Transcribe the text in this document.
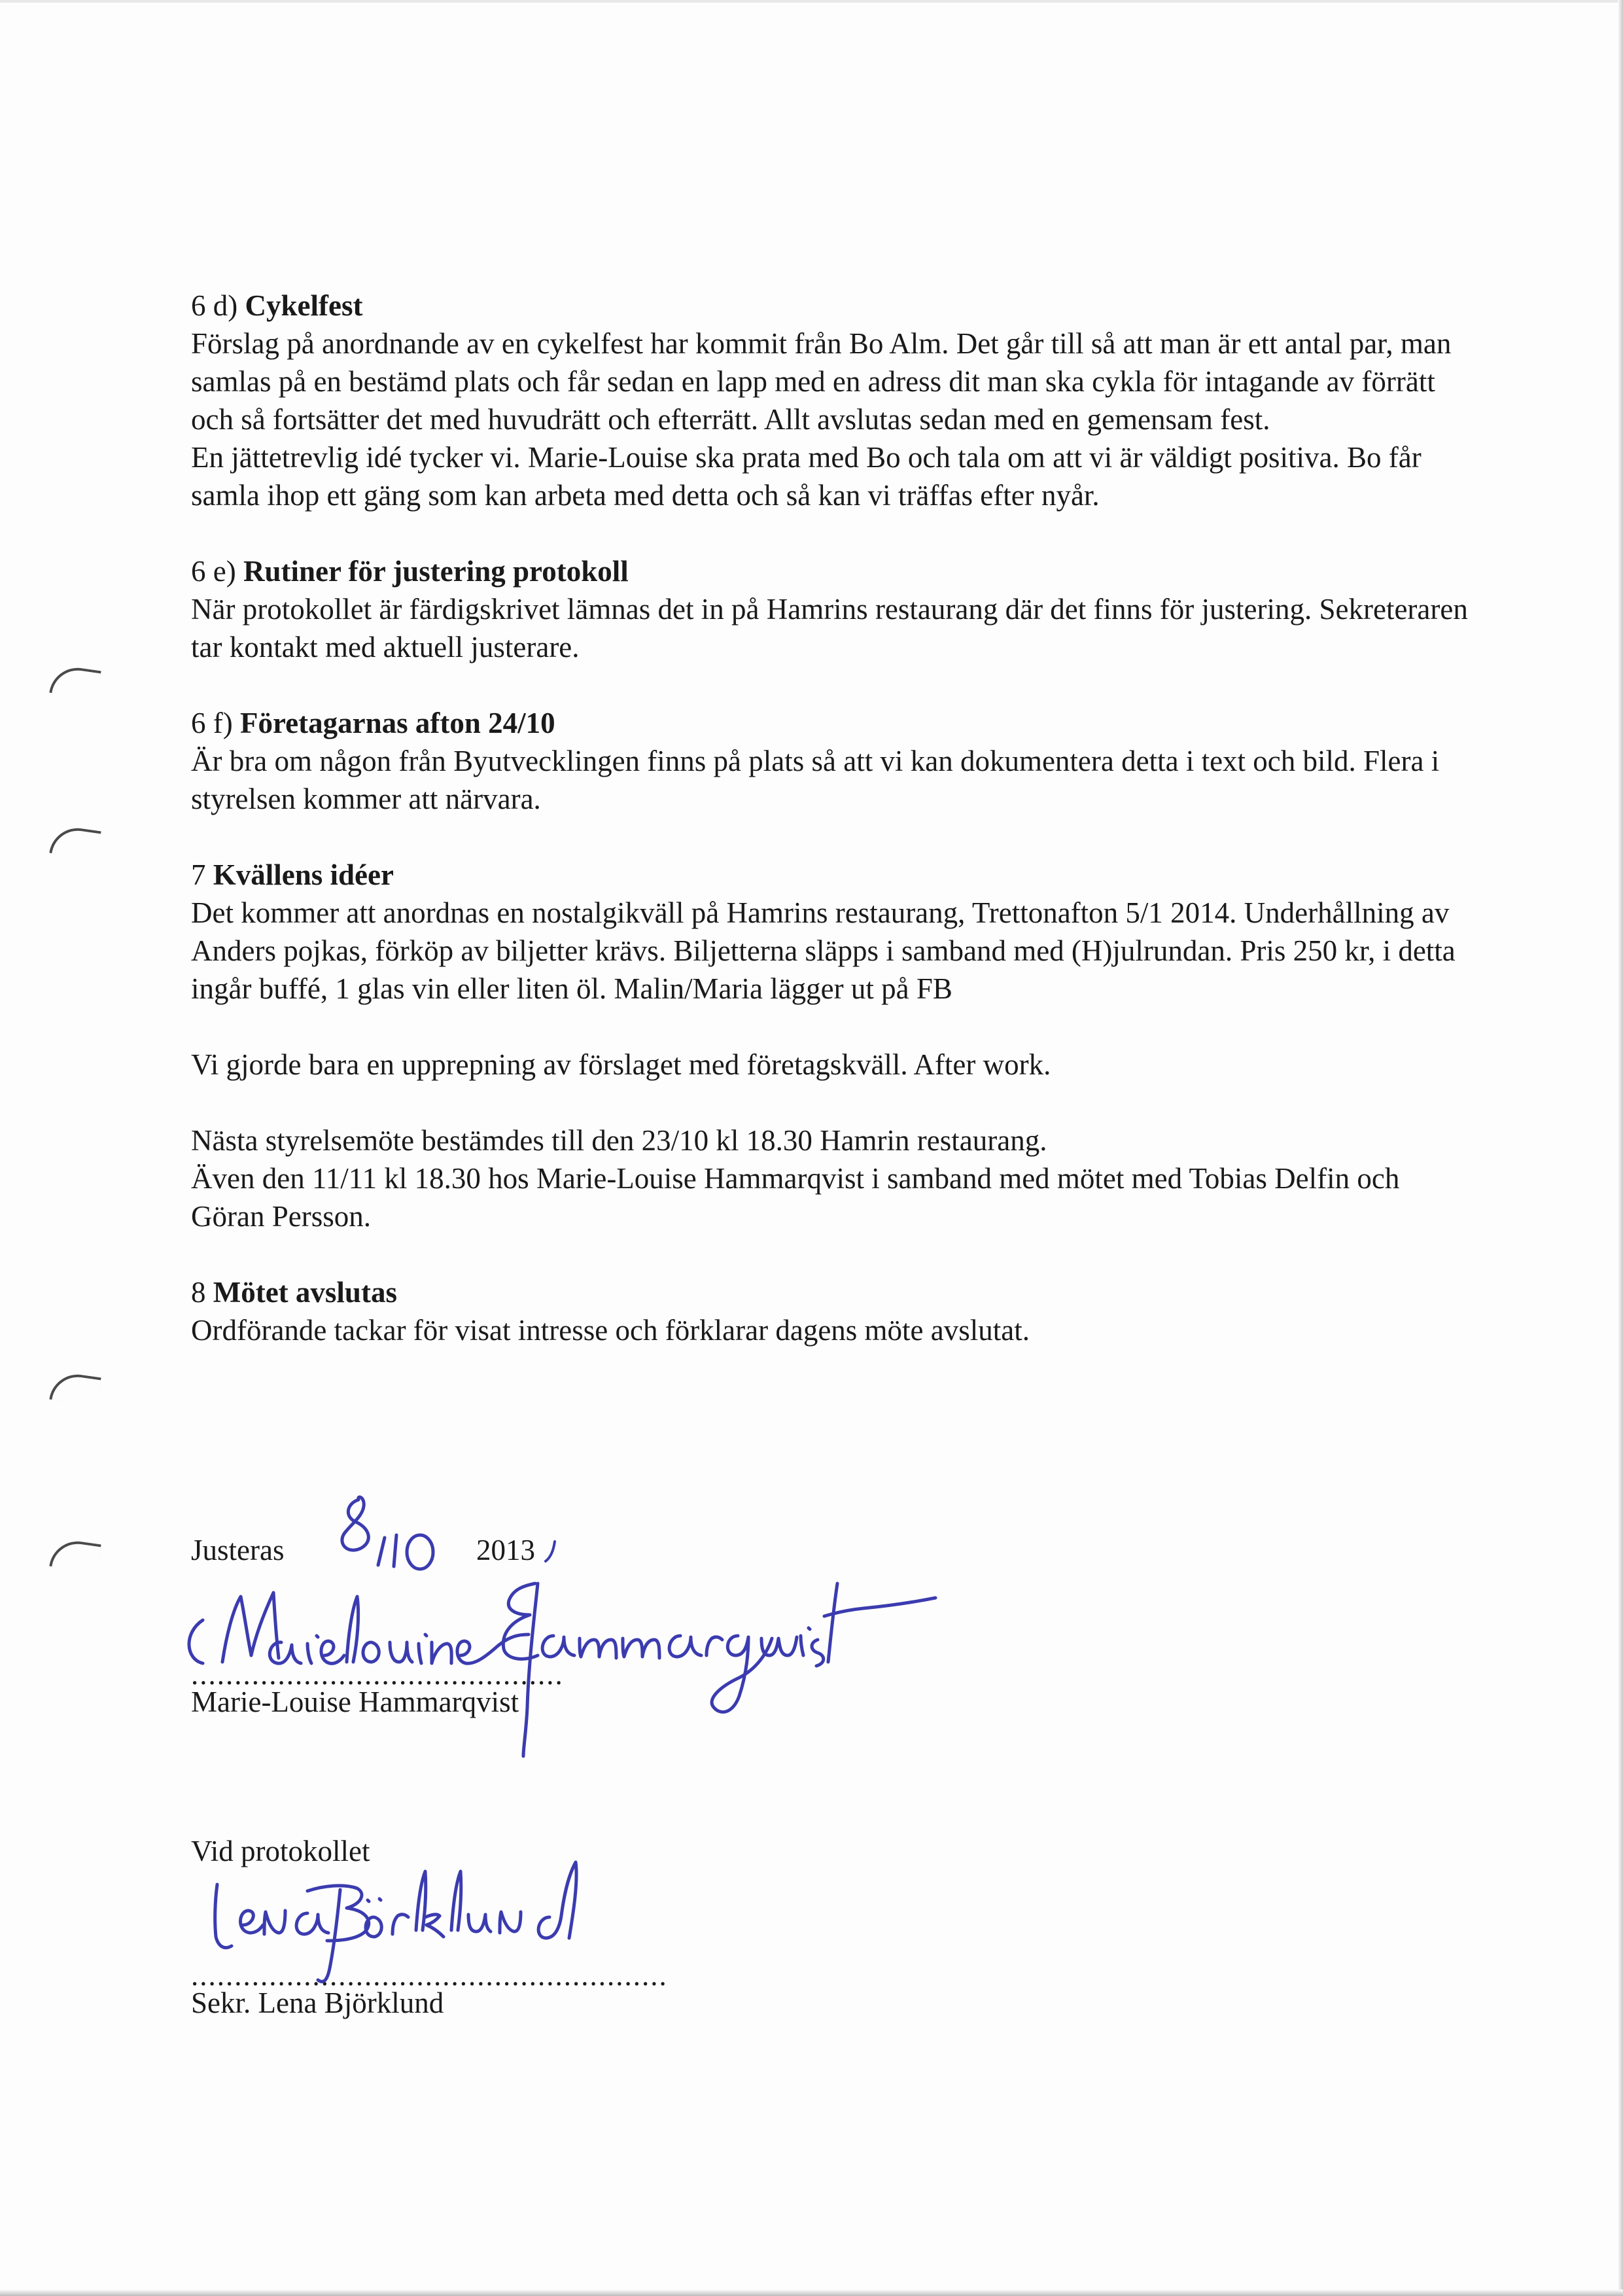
6 d) Cykelfest

Förslag på anordnande av en cykelfest har kommit från Bo Alm. Det går till så att man är ett antal par, man samlas på en bestämd plats och får sedan en lapp med en adress dit man ska cykla för intagande av förrätt och så fortsätter det med huvudrätt och efterrätt. Allt avslutas sedan med en gemensam fest.

En jättetrevlig idé tycker vi. Marie-Louise ska prata med Bo och tala om att vi är väldigt positiva. Bo får samla ihop ett gäng som kan arbeta med detta och så kan vi träffas efter nyår.

6 e) Rutiner för justering protokoll

När protokollet är färdigskrivet lämnas det in på Hamrins restaurang där det finns för justering. Sekreteraren tar kontakt med aktuell justerare.

6 f) Företagarnas afton 24/10

Är bra om någon från Byutvecklingen finns på plats så att vi kan dokumentera detta i text och bild. Flera i styrelsen kommer att närvara.

7 Kvällens idéer

Det kommer att anordnas en nostalgikväll på Hamrins restaurang, Trettonafton 5/1 2014. Underhållning av Anders pojkas, förköp av biljetter krävs. Biljetterna släpps i samband med (H)julrundan. Pris 250 kr, i detta ingår buffé, 1 glas vin eller liten öl. Malin/Maria lägger ut på FB

Vi gjorde bara en upprepning av förslaget med företagskväll. After work.

Nästa styrelsemöte bestämdes till den 23/10 kl 18.30 Hamrin restaurang.
Även den 11/11 kl 18.30 hos Marie-Louise Hammarqvist i samband med mötet med Tobias Delfin och Göran Persson.

8 Mötet avslutas

Ordförande tackar för visat intresse och förklarar dagens möte avslutat.

Justeras	2013
...........................................
Marie-Louise Hammarqvist
Vid protokollet
.......................................................
Sekr. Lena Björklund
